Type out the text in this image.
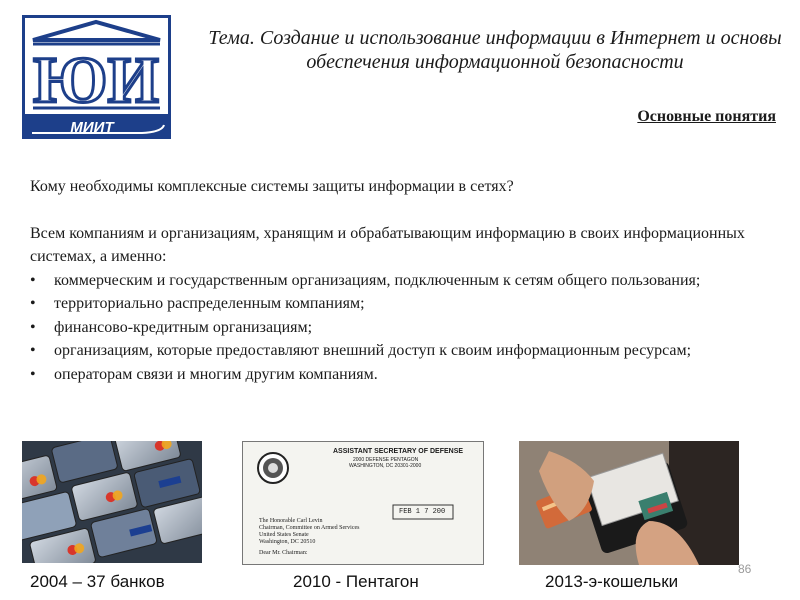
ЮИ
МИИТ
Тема. Создание и использование информации в Интернет и основы обеспечения информационной безопасности
Основные понятия

Кому необходимы комплексные системы защиты информации в сетях?

Всем компаниям и организациям, хранящим и обрабатывающим информацию в своих информационных системах, а именно:

• коммерческим и государственным организациям, подключенным к сетям общего пользования;
• территориально распределенным компаниям;
• финансово-кредитным организациям;
• организациям, которые предоставляют внешний доступ к своим информационным ресурсам;
• операторам связи и многим другим компаниям.
ASSISTANT SECRETARY OF DEFENSE
2000 DEFENSE PENTAGON
WASHINGTON, DC 20301-2000
FEB 1 7 200
The Honorable Carl Levin
Chairman, Committee on Armed Services
United States Senate
Washington, DC 20510
Dear Mr. Chairman:
2004 – 37 банков	2010 - Пентагон	2013-э-кошельки
86
